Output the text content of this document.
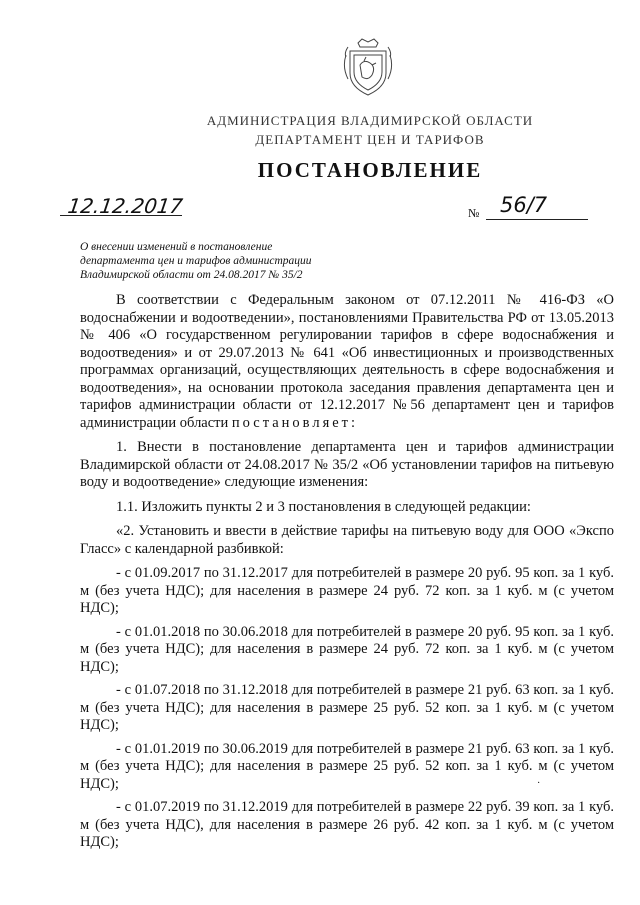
АДМИНИСТРАЦИЯ ВЛАДИМИРСКОЙ ОБЛАСТИ
ДЕПАРТАМЕНТ ЦЕН И ТАРИФОВ
ПОСТАНОВЛЕНИЕ
12.12.2017	№ 56/7
О внесении изменений в постановление
департамента цен и тарифов администрации
Владимирской области от 24.08.2017 № 35/2

В соответствии с Федеральным законом от 07.12.2011 № 416-ФЗ «О водоснабжении и водоотведении», постановлениями Правительства РФ от 13.05.2013 № 406 «О государственном регулировании тарифов в сфере водоснабжения и водоотведения» и от 29.07.2013 № 641 «Об инвестиционных и производственных программах организаций, осуществляющих деятельность в сфере водоснабжения и водоотведения», на основании протокола заседания правления департамента цен и тарифов администрации области от 12.12.2017 №56 департамент цен и тарифов администрации области постановляет:

1. Внести в постановление департамента цен и тарифов администрации Владимирской области от 24.08.2017 № 35/2 «Об установлении тарифов на питьевую воду и водоотведение» следующие изменения:

1.1. Изложить пункты 2 и 3 постановления в следующей редакции:

«2. Установить и ввести в действие тарифы на питьевую воду для ООО «Экспо Гласс» с календарной разбивкой:

- с 01.09.2017 по 31.12.2017 для потребителей в размере 20 руб. 95 коп. за 1 куб. м (без учета НДС); для населения в размере 24 руб. 72 коп. за 1 куб. м (с учетом НДС);

- с 01.01.2018 по 30.06.2018 для потребителей в размере 20 руб. 95 коп. за 1 куб. м (без учета НДС); для населения в размере 24 руб. 72 коп. за 1 куб. м (с учетом НДС);

- с 01.07.2018 по 31.12.2018 для потребителей в размере 21 руб. 63 коп. за 1 куб. м (без учета НДС); для населения в размере 25 руб. 52 коп. за 1 куб. м (с учетом НДС);

- с 01.01.2019 по 30.06.2019 для потребителей в размере 21 руб. 63 коп. за 1 куб. м (без учета НДС); для населения в размере 25 руб. 52 коп. за 1 куб. м (с учетом НДС);

- с 01.07.2019 по 31.12.2019 для потребителей в размере 22 руб. 39 коп. за 1 куб. м (без учета НДС), для населения в размере 26 руб. 42 коп. за 1 куб. м (с учетом НДС);

·
